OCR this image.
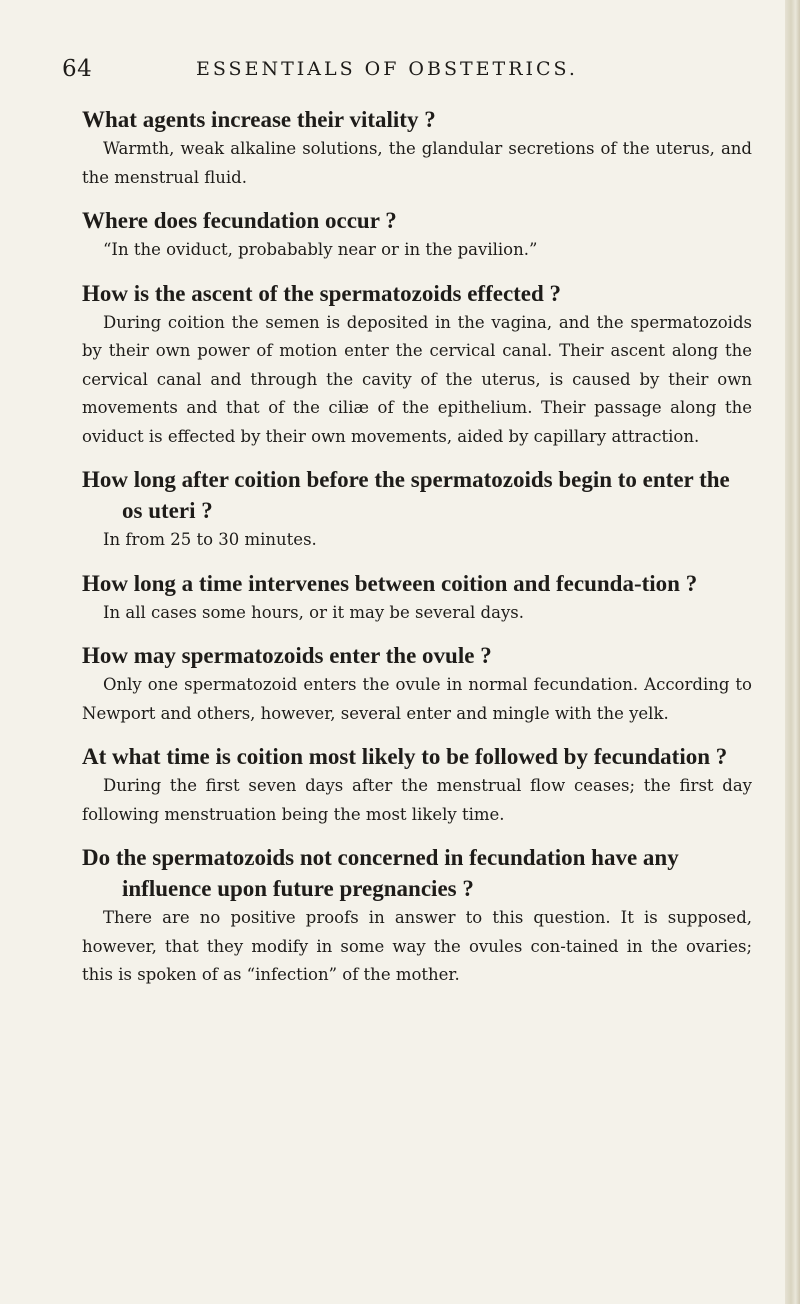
64	ESSENTIALS OF OBSTETRICS.

What agents increase their vitality ?

Warmth, weak alkaline solutions, the glandular secretions of the uterus, and the menstrual fluid.

Where does fecundation occur ?

“In the oviduct, probabably near or in the pavilion.”

How is the ascent of the spermatozoids effected ?

During coition the semen is deposited in the vagina, and the spermatozoids by their own power of motion enter the cervical canal. Their ascent along the cervical canal and through the cavity of the uterus, is caused by their own movements and that of the ciliæ of the epithelium. Their passage along the oviduct is effected by their own movements, aided by capillary attraction.

How long after coition before the spermatozoids begin to enter the os uteri ?

In from 25 to 30 minutes.

How long a time intervenes between coition and fecunda-tion ?

In all cases some hours, or it may be several days.

How may spermatozoids enter the ovule ?

Only one spermatozoid enters the ovule in normal fecundation. According to Newport and others, however, several enter and mingle with the yelk.

At what time is coition most likely to be followed by fecundation ?

During the first seven days after the menstrual flow ceases; the first day following menstruation being the most likely time.

Do the spermatozoids not concerned in fecundation have any influence upon future pregnancies ?

There are no positive proofs in answer to this question. It is supposed, however, that they modify in some way the ovules con-tained in the ovaries; this is spoken of as “infection” of the mother.
